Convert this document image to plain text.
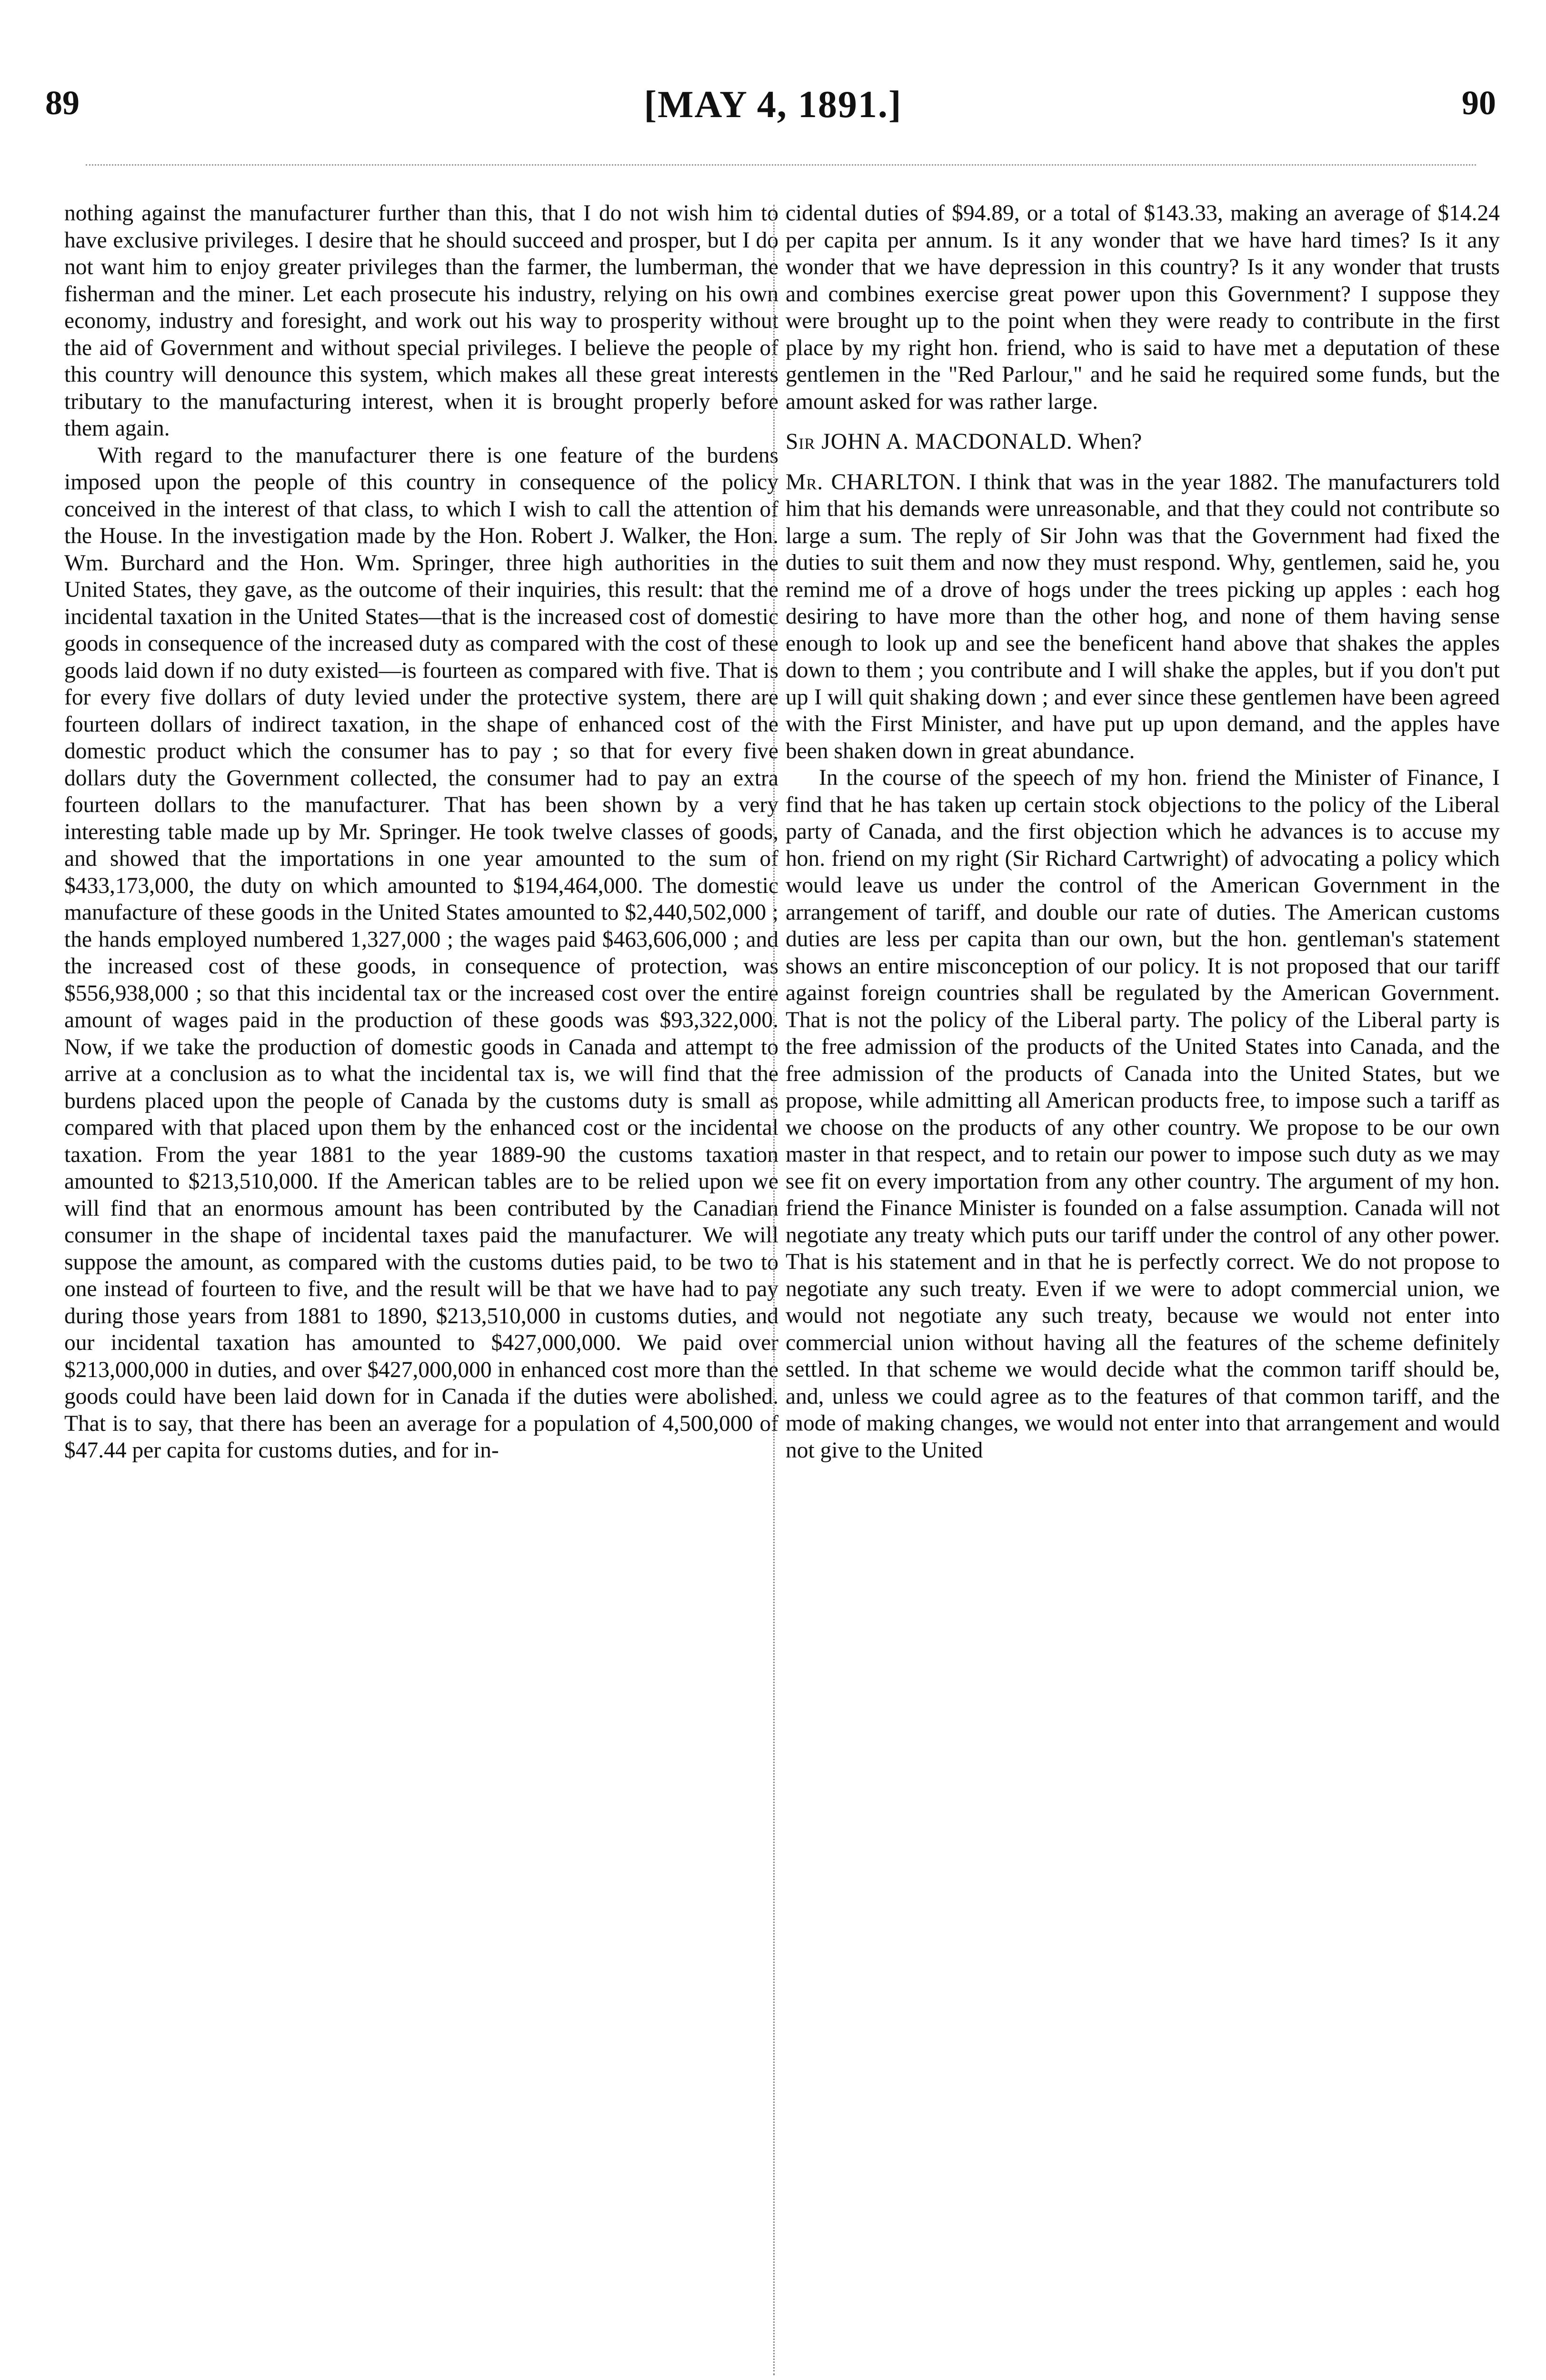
89	[MAY 4, 1891.]	90

nothing against the manufacturer further than this, that I do not wish him to have exclusive privileges. I desire that he should succeed and prosper, but I do not want him to enjoy greater privileges than the farmer, the lumberman, the fisherman and the miner. Let each prosecute his industry, relying on his own economy, industry and foresight, and work out his way to prosperity without the aid of Government and without special privileges. I believe the people of this country will denounce this system, which makes all these great interests tributary to the manufacturing interest, when it is brought properly before them again.

With regard to the manufacturer there is one feature of the burdens imposed upon the people of this country in consequence of the policy conceived in the interest of that class, to which I wish to call the attention of the House. In the investigation made by the Hon. Robert J. Walker, the Hon. Wm. Burchard and the Hon. Wm. Springer, three high authorities in the United States, they gave, as the outcome of their inquiries, this result: that the incidental taxation in the United States—that is the increased cost of domestic goods in consequence of the increased duty as compared with the cost of these goods laid down if no duty existed—is fourteen as compared with five. That is for every five dollars of duty levied under the protective system, there are fourteen dollars of indirect taxation, in the shape of enhanced cost of the domestic product which the consumer has to pay ; so that for every five dollars duty the Government collected, the consumer had to pay an extra fourteen dollars to the manufacturer. That has been shown by a very interesting table made up by Mr. Springer. He took twelve classes of goods, and showed that the importations in one year amounted to the sum of $433,173,000, the duty on which amounted to $194,464,000. The domestic manufacture of these goods in the United States amounted to $2,440,502,000 ; the hands employed numbered 1,327,000 ; the wages paid $463,606,000 ; and the increased cost of these goods, in consequence of protection, was $556,938,000 ; so that this incidental tax or the increased cost over the entire amount of wages paid in the production of these goods was $93,322,000. Now, if we take the production of domestic goods in Canada and attempt to arrive at a conclusion as to what the incidental tax is, we will find that the burdens placed upon the people of Canada by the customs duty is small as compared with that placed upon them by the enhanced cost or the incidental taxation. From the year 1881 to the year 1889-90 the customs taxation amounted to $213,510,000. If the American tables are to be relied upon we will find that an enormous amount has been contributed by the Canadian consumer in the shape of incidental taxes paid the manufacturer. We will suppose the amount, as compared with the customs duties paid, to be two to one instead of fourteen to five, and the result will be that we have had to pay during those years from 1881 to 1890, $213,510,000 in customs duties, and our incidental taxation has amounted to $427,000,000. We paid over $213,000,000 in duties, and over $427,000,000 in enhanced cost more than the goods could have been laid down for in Canada if the duties were abolished. That is to say, that there has been an average for a population of 4,500,000 of $47.44 per capita for customs duties, and for in-

cidental duties of $94.89, or a total of $143.33, making an average of $14.24 per capita per annum. Is it any wonder that we have hard times? Is it any wonder that we have depression in this country? Is it any wonder that trusts and combines exercise great power upon this Government? I suppose they were brought up to the point when they were ready to contribute in the first place by my right hon. friend, who is said to have met a deputation of these gentlemen in the "Red Parlour," and he said he required some funds, but the amount asked for was rather large.

Sir JOHN A. MACDONALD. When?

Mr. CHARLTON. I think that was in the year 1882. The manufacturers told him that his demands were unreasonable, and that they could not contribute so large a sum. The reply of Sir John was that the Government had fixed the duties to suit them and now they must respond. Why, gentlemen, said he, you remind me of a drove of hogs under the trees picking up apples : each hog desiring to have more than the other hog, and none of them having sense enough to look up and see the beneficent hand above that shakes the apples down to them ; you contribute and I will shake the apples, but if you don't put up I will quit shaking down ; and ever since these gentlemen have been agreed with the First Minister, and have put up upon demand, and the apples have been shaken down in great abundance.

In the course of the speech of my hon. friend the Minister of Finance, I find that he has taken up certain stock objections to the policy of the Liberal party of Canada, and the first objection which he advances is to accuse my hon. friend on my right (Sir Richard Cartwright) of advocating a policy which would leave us under the control of the American Government in the arrangement of tariff, and double our rate of duties. The American customs duties are less per capita than our own, but the hon. gentleman's statement shows an entire misconception of our policy. It is not proposed that our tariff against foreign countries shall be regulated by the American Government. That is not the policy of the Liberal party. The policy of the Liberal party is the free admission of the products of the United States into Canada, and the free admission of the products of Canada into the United States, but we propose, while admitting all American products free, to impose such a tariff as we choose on the products of any other country. We propose to be our own master in that respect, and to retain our power to impose such duty as we may see fit on every importation from any other country. The argument of my hon. friend the Finance Minister is founded on a false assumption. Canada will not negotiate any treaty which puts our tariff under the control of any other power. That is his statement and in that he is perfectly correct. We do not propose to negotiate any such treaty. Even if we were to adopt commercial union, we would not negotiate any such treaty, because we would not enter into commercial union without having all the features of the scheme definitely settled. In that scheme we would decide what the common tariff should be, and, unless we could agree as to the features of that common tariff, and the mode of making changes, we would not enter into that arrangement and would not give to the United
